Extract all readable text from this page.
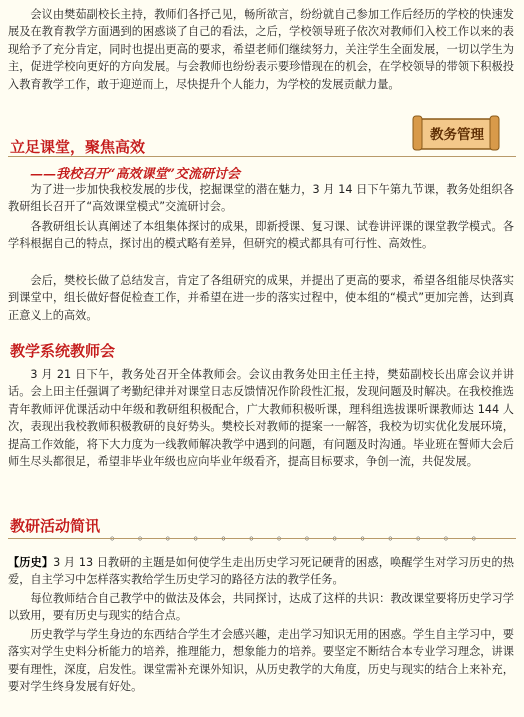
会议由樊茹副校长主持，教师们各抒己见，畅所欲言，纷纷就自己参加工作后经历的学校的快速发展及在教育教学方面遇到的困惑谈了自己的看法，之后，学校领导班子依次对教师们入校工作以来的表现给予了充分肯定，同时也提出更高的要求，希望老师们继续努力，关注学生全面发展，一切以学生为主，促进学校向更好的方向发展。与会教师也纷纷表示要珍惜现在的机会，在学校领导的带领下积极投入教育教学工作，敢于迎逆而上，尽快提升个人能力，为学校的发展贡献力量。

教务管理
立足课堂，聚焦高效
——我校召开“高效课堂”交流研讨会

为了进一步加快我校发展的步伐，挖掘课堂的潜在魅力，3 月 14 日下午第九节课，教务处组织各教研组长召开了“高效课堂模式”交流研讨会。

各教研组长认真阐述了本组集体探讨的成果，即新授课、复习课、试卷讲评课的课堂教学模式。各学科根据自己的特点，探讨出的模式略有差异，但研究的模式都具有可行性、高效性。

会后，樊校长做了总结发言，肯定了各组研究的成果，并提出了更高的要求，希望各组能尽快落实到课堂中，组长做好督促检查工作，并希望在进一步的落实过程中，使本组的“模式”更加完善，达到真正意义上的高效。

教学系统教师会

3 月 21 日下午，教务处召开全体教师会。会议由教务处田主任主持，樊茹副校长出席会议并讲话。会上田主任强调了考勤纪律并对课堂日志反馈情况作阶段性汇报，发现问题及时解决。在我校推选青年教师评优课活动中年级和教研组积极配合，广大教师积极听课，理科组选拔课听课教师达 144 人次，表现出我校教师积极教研的良好势头。樊校长对教师的提案一一解答，我校为切实优化发展环境，提高工作效能，将下大力度为一线教师解决教学中遇到的问题，有问题及时沟通。毕业班在誓师大会后师生尽头都很足，希望非毕业年级也应向毕业年级看齐，提高目标要求，争创一流，共促发展。

教研活动简讯 。 。 。 。 。 。 。 。 。 。 。 。 。 。

【历史】3 月 13 日教研的主题是如何使学生走出历史学习死记硬背的困惑，唤醒学生对学习历史的热爱，自主学习中怎样落实教给学生历史学习的路径方法的教学任务。

每位教师结合自己教学中的做法及体会，共同探讨，达成了这样的共识：教改课堂要将历史学习学以致用，要有历史与现实的结合点。

历史教学与学生身边的东西结合学生才会感兴趣，走出学习知识无用的困惑。学生自主学习中，要落实对学生史料分析能力的培养，推理能力，想象能力的培养。要坚定不断结合本专业学习理念，讲课要有理性，深度，启发性。课堂需补充课外知识，从历史教学的大角度，历史与现实的结合上来补充，要对学生终身发展有好处。
